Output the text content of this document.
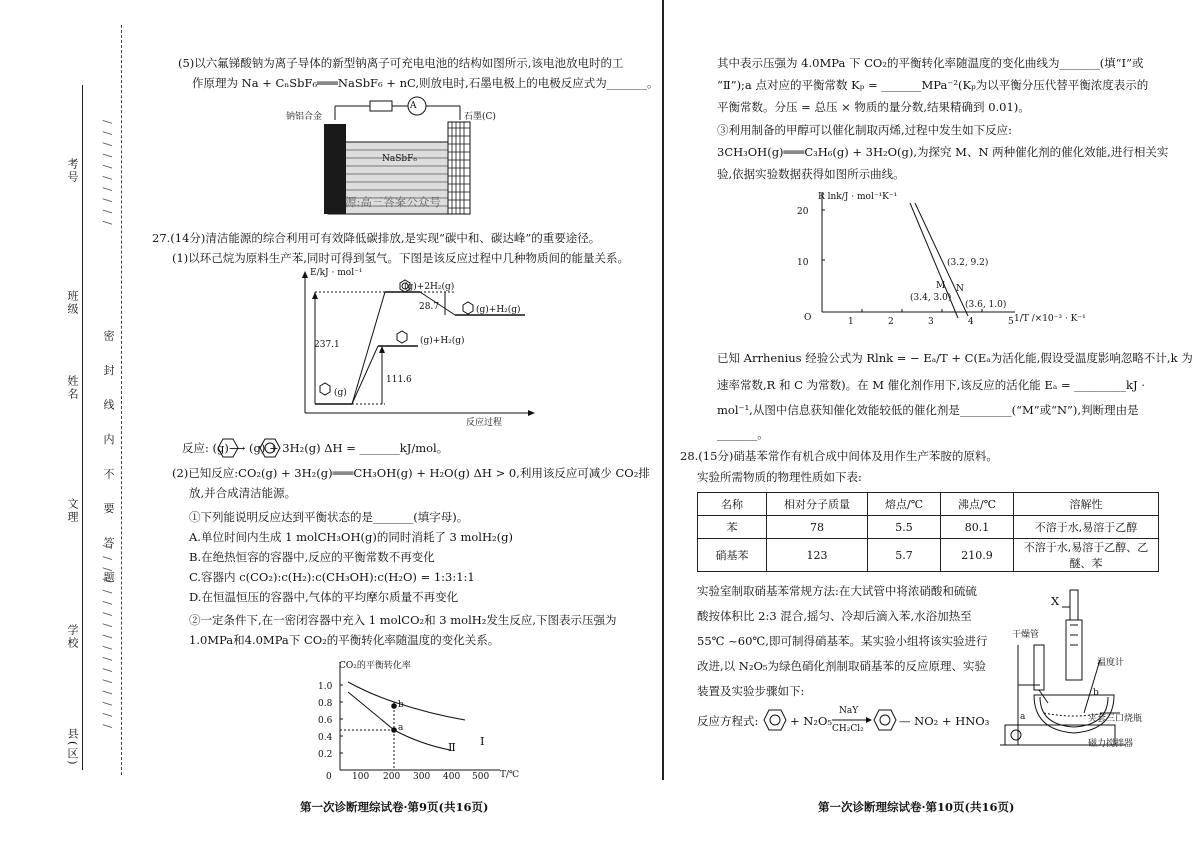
考号
班级
姓名
文理
学校
县(区)
密 封 线 内 不 要 答 题
/ / / / / / / / / /
/ / / / / / / / / / / / / / / / /
(5)以六氟锑酸钠为离子导体的新型钠离子可充电电池的结构如图所示,该电池放电时的工
作原理为 Na + CₙSbF₆═══NaSbF₆ + nC,则放电时,石墨电极上的电极反应式为_______。
A
钠铝合金	石墨(C)
NaSbF₆
源:高三答案公众号
27.(14分)清洁能源的综合利用可有效降低碳排放,是实现“碳中和、碳达峰”的重要途径。
(1)以环己烷为原料生产苯,同时可得到氢气。下图是该反应过程中几种物质间的能量关系。
E/kJ · mol⁻¹
(g)+2H₂(g)
(g)+H₂(g)
(g)+H₂(g)
(g)
28.7
237.1
111.6
反应过程
反应: (g)⟶ (g) + 3H₂(g) ΔH = _______kJ/mol。
(2)已知反应:CO₂(g) + 3H₂(g)═══CH₃OH(g) + H₂O(g) ΔH > 0,利用该反应可减少 CO₂排
放,并合成清洁能源。
①下列能说明反应达到平衡状态的是_______(填字母)。
A.单位时间内生成 1 molCH₃OH(g)的同时消耗了 3 molH₂(g)
B.在绝热恒容的容器中,反应的平衡常数不再变化
C.容器内 c(CO₂):c(H₂):c(CH₃OH):c(H₂O) = 1:3:1:1
D.在恒温恒压的容器中,气体的平均摩尔质量不再变化
②一定条件下,在一密闭容器中充入 1 molCO₂和 3 molH₂发生反应,下图表示压强为
1.0MPa和4.0MPa下 CO₂的平衡转化率随温度的变化关系。
CO₂的平衡转化率
1.0
0.8
0.6
0.4
0.2
0 100 200 300 400 500 T/℃
b
a
Ⅱ Ⅰ
第一次诊断理综试卷·第9页(共16页)
其中表示压强为 4.0MPa 下 CO₂的平衡转化率随温度的变化曲线为_______(填“Ⅰ”或
“Ⅱ”);a 点对应的平衡常数 Kₚ = _______MPa⁻²(Kₚ为以平衡分压代替平衡浓度表示的
平衡常数。分压 = 总压 × 物质的量分数,结果精确到 0.01)。
③利用制备的甲醇可以催化制取丙烯,过程中发生如下反应:
3CH₃OH(g)═══C₃H₆(g) + 3H₂O(g),为探究 M、N 两种催化剂的催化效能,进行相关实
验,依据实验数据获得如图所示曲线。
R lnk/J · mol⁻¹K⁻¹
20
10
O	1	2	3	4	5 1/T /×10⁻³ · K⁻¹
(3.2, 9.2)
M N
(3.4, 3.0)
(3.6, 1.0)
已知 Arrhenius 经验公式为 Rlnk = − Eₐ/T + C(Eₐ为活化能,假设受温度影响忽略不计,k 为
速率常数,R 和 C 为常数)。在 M 催化剂作用下,该反应的活化能 Eₐ = _________kJ ·
mol⁻¹,从图中信息获知催化效能较低的催化剂是_________(“M”或“N”),判断理由是
_______。
28.(15分)硝基苯常作有机合成中间体及用作生产苯胺的原料。
实验所需物质的物理性质如下表:
名称	相对分子质量	熔点/℃	沸点/℃	溶解性
苯	78	5.5	80.1	不溶于水,易溶于乙醇
硝基苯	123	5.7	210.9	不溶于水,易溶于乙醇、乙醚、苯
实验室制取硝基苯常规方法:在大试管中将浓硝酸和硫硫
酸按体积比 2:3 混合,摇匀、冷却后滴入苯,水浴加热至
55℃ ~60℃,即可制得硝基苯。某实验小组将该实验进行
改进,以 N₂O₅为绿色硝化剂制取硝基苯的反应原理、实验
装置及实验步骤如下:
反应方程式:	+ N₂O₅
NaY
CH₂Cl₂
— NO₂ + HNO₃
X
干燥管
温度计
b
a	夹套三口烧瓶
磁力搅拌器
第一次诊断理综试卷·第10页(共16页)
